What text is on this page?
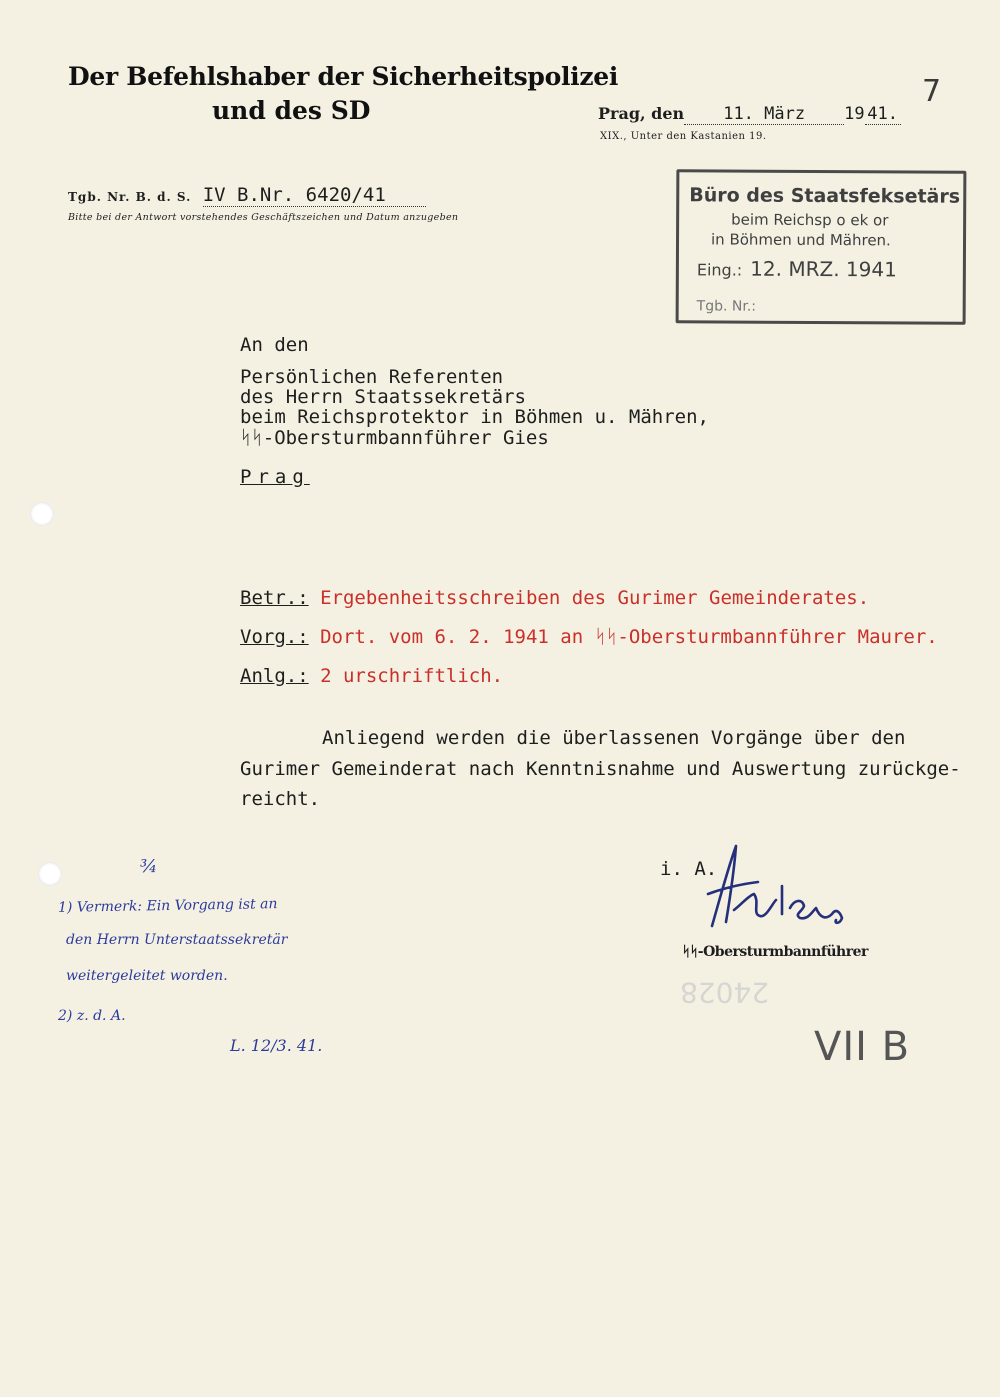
Der Befehlshaber der Sicherheitspolizei
und des SD
7
Prag, den 11. März 19 41.
XIX., Unter den Kastanien 19.
Tgb. Nr. B. d. S. IV B.Nr. 6420/41
Bitte bei der Antwort vorstehendes Geschäftszeichen und Datum anzugeben
Büro des Staatsfeksetärs
beim Reichsp o ek or
in Böhmen und Mähren.
Eing.: 12. MRZ. 1941
Tgb. Nr.:
An den
Persönlichen Referenten
des Herrn Staatssekretärs
beim Reichsprotektor in Böhmen u. Mähren,
ᛋᛋ-Obersturmbannführer Gies
Prag
Betr.: Ergebenheitsschreiben des Gurimer Gemeinderates.
Vorg.: Dort. vom 6. 2. 1941 an ᛋᛋ-Obersturmbannführer Maurer.
Anlg.: 2 urschriftlich.
Anliegend werden die überlassenen Vorgänge über den
Gurimer Gemeinderat nach Kenntnisnahme und Auswertung zurückge-
reicht.
i. A.
ᛋᛋ-Obersturmbannführer
24028
¾
1) Vermerk: Ein Vorgang ist an
den Herrn Unterstaatssekretär
weitergeleitet worden.
2) z. d. A.
L. 12/3. 41.	VII B
